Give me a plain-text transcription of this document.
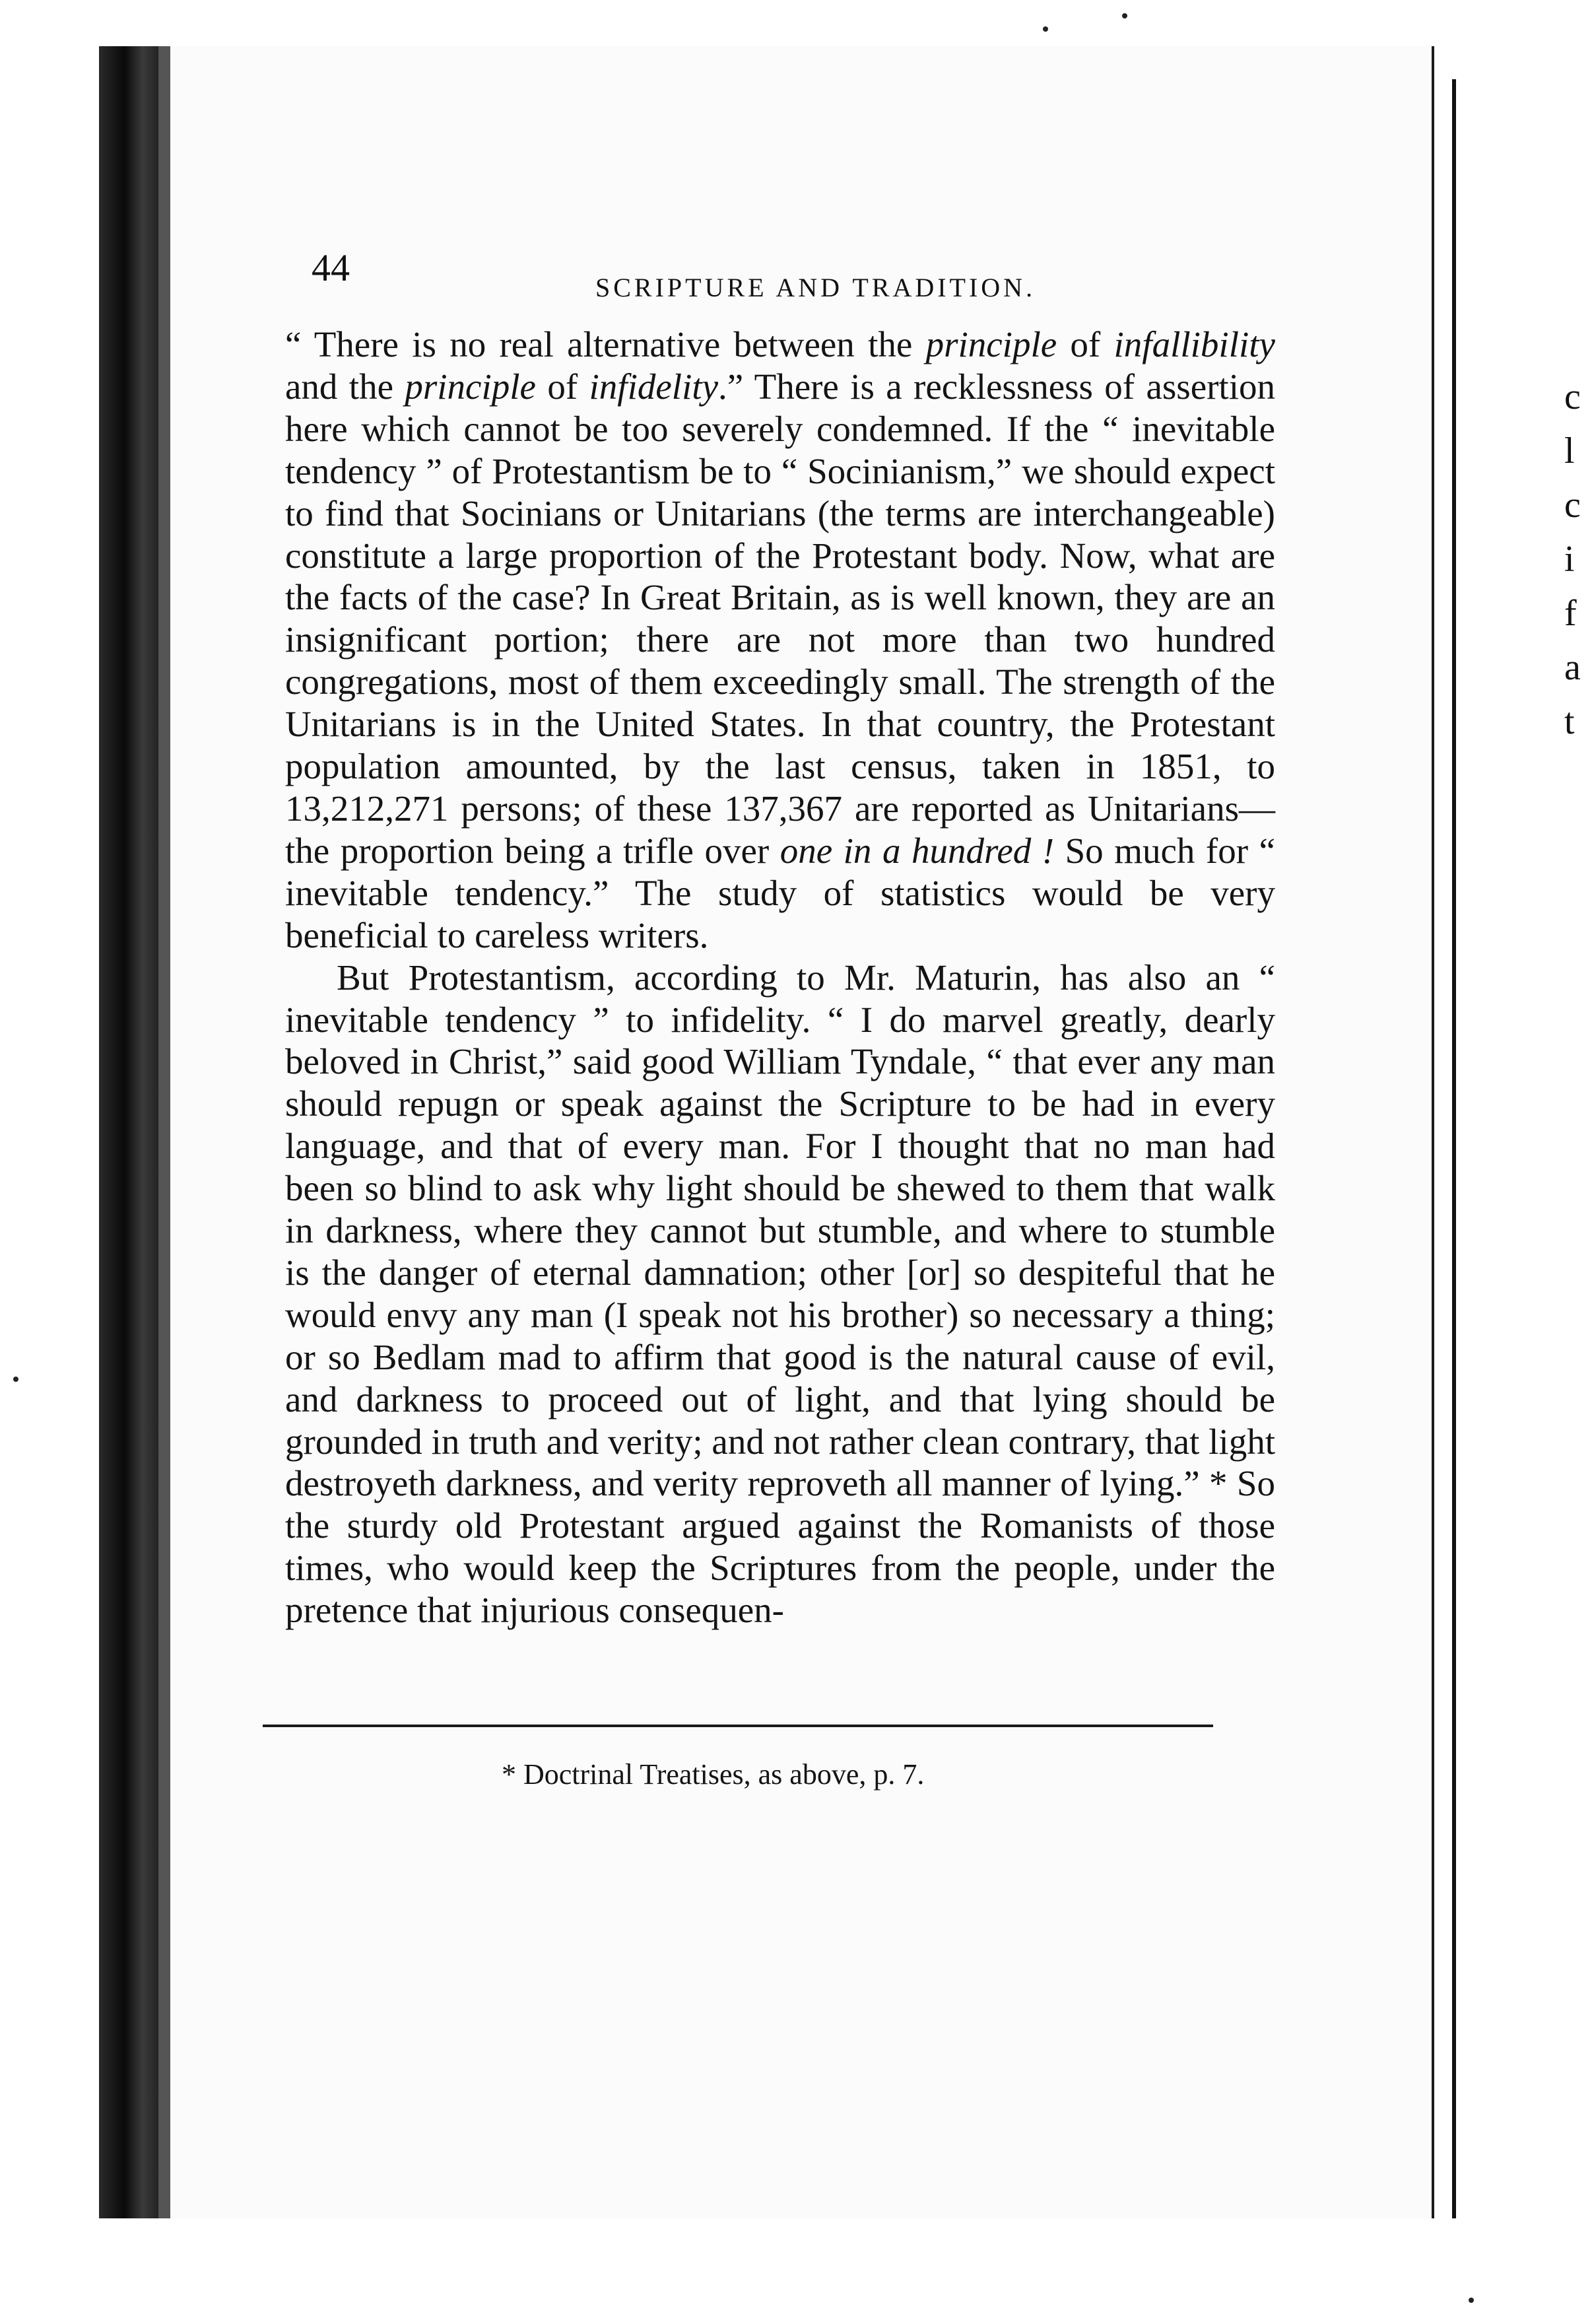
c
l
c
i
f
a
t
44	SCRIPTURE AND TRADITION.

“ There is no real alternative between the principle of infallibility and the principle of infidelity.” There is a recklessness of assertion here which cannot be too severely condemned. If the “ inevitable tendency ” of Protestantism be to “ Socinianism,” we should expect to find that Socinians or Unitarians (the terms are interchangeable) constitute a large proportion of the Protestant body. Now, what are the facts of the case? In Great Britain, as is well known, they are an insignificant portion; there are not more than two hundred congregations, most of them exceedingly small. The strength of the Unitarians is in the United States. In that country, the Protestant population amounted, by the last census, taken in 1851, to 13,212,271 persons; of these 137,367 are reported as Unitarians—the proportion being a trifle over one in a hundred ! So much for “ inevitable tendency.” The study of statistics would be very beneficial to careless writers.

But Protestantism, according to Mr. Maturin, has also an “ inevitable tendency ” to infidelity. “ I do marvel greatly, dearly beloved in Christ,” said good William Tyndale, “ that ever any man should repugn or speak against the Scripture to be had in every language, and that of every man. For I thought that no man had been so blind to ask why light should be shewed to them that walk in darkness, where they cannot but stumble, and where to stumble is the danger of eternal damnation; other [or] so despiteful that he would envy any man (I speak not his brother) so necessary a thing; or so Bedlam mad to affirm that good is the natural cause of evil, and darkness to proceed out of light, and that lying should be grounded in truth and verity; and not rather clean contrary, that light destroyeth darkness, and verity reproveth all manner of lying.” * So the sturdy old Protestant argued against the Romanists of those times, who would keep the Scriptures from the people, under the pretence that injurious consequen-

* Doctrinal Treatises, as above, p. 7.
